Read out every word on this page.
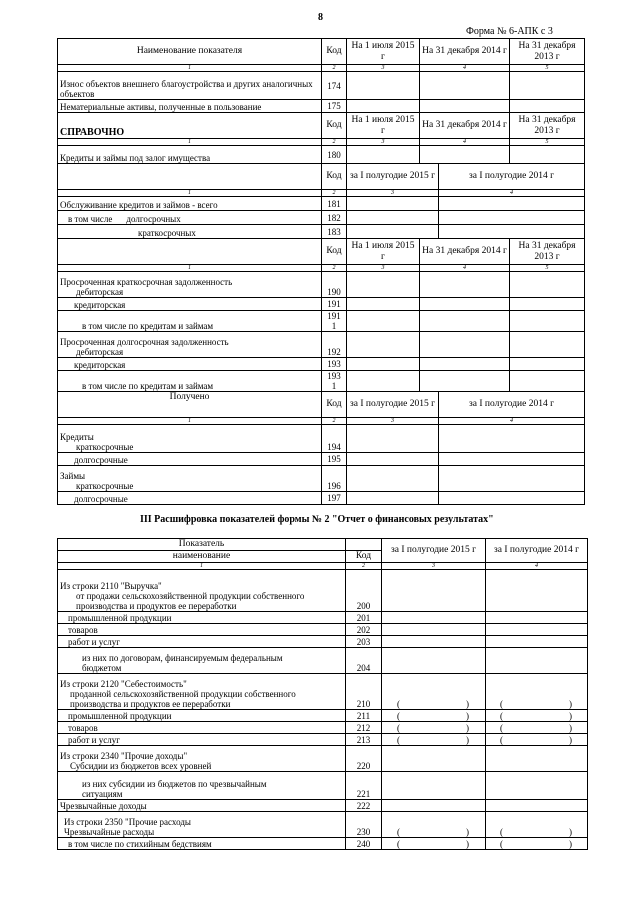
8
Форма № 6-АПК с 3
Наименование показателя	Код	На 1 июля 2015 г	На 31 декабря 2014 г		На 31 декабря 2013 г
1	2	3	4		5
Износ объектов внешнего благоустройства и других аналогичных объектов	174				
Нематериальные активы, полученные в пользование	175				
СПРАВОЧНО	Код	На 1 июля 2015 г	На 31 декабря 2014 г		На 31 декабря 2013 г
1	2	3	4		5
Кредиты и займы под залог имущества	180				
	Код	за I полугодие 2015 г		за I полугодие 2014 г	
1	2	3		4	
Обслуживание кредитов и займов - всего	181				
в том числе долгосрочных	182				
краткосрочных	183				
	Код	На 1 июля 2015 г	На 31 декабря 2014 г		На 31 декабря 2013 г
1	2	3	4		5

Просроченная краткосрочная задолженность
дебиторская	190				
кредиторская	191				
в том числе по кредитам и займам	191 1				

Просроченная долгосрочная задолженность
дебиторская	192				
кредиторская	193				
в том числе по кредитам и займам	193 1				
Получено	Код	за I полугодие 2015 г		за I полугодие 2014 г	
1	2	3		4	

Кредиты
краткосрочные	194				
долгосрочные	195				

Займы
краткосрочные	196				
долгосрочные	197				
III Расшифровка показателей формы № 2 "Отчет о финансовых результатах"
Показатель		за I полугодие 2015 г	за I полугодие 2014 г
наименование	Код		
1	2	3	4

Из строки 2110 "Выручка"
от продажи сельскохозяйственной продукции собственного производства и продуктов ее переработки	200		
промышленной продукции	201		
товаров	202		
работ и услуг	203		
из них по договорам, финансируемым федеральным бюджетом	204		

Из строки 2120 "Себестоимость"
проданной сельскохозяйственной продукции собственного производства и продуктов ее переработки	210	(                    )	(                    )
промышленной продукции	211	(                    )	(                    )
товаров	212	(                    )	(                    )
работ и услуг	213	(                    )	(                    )

Из строки 2340 "Прочие доходы"
Субсидии из бюджетов всех уровней	220		
из них субсидии из бюджетов по чрезвычайным ситуациям	221		
Чрезвычайные доходы	222		

Из строки 2350 "Прочие расходы
Чрезвычайные расходы	230	(                    )	(                    )
в том числе по стихийным бедствиям	240	(                    )	(                    )
